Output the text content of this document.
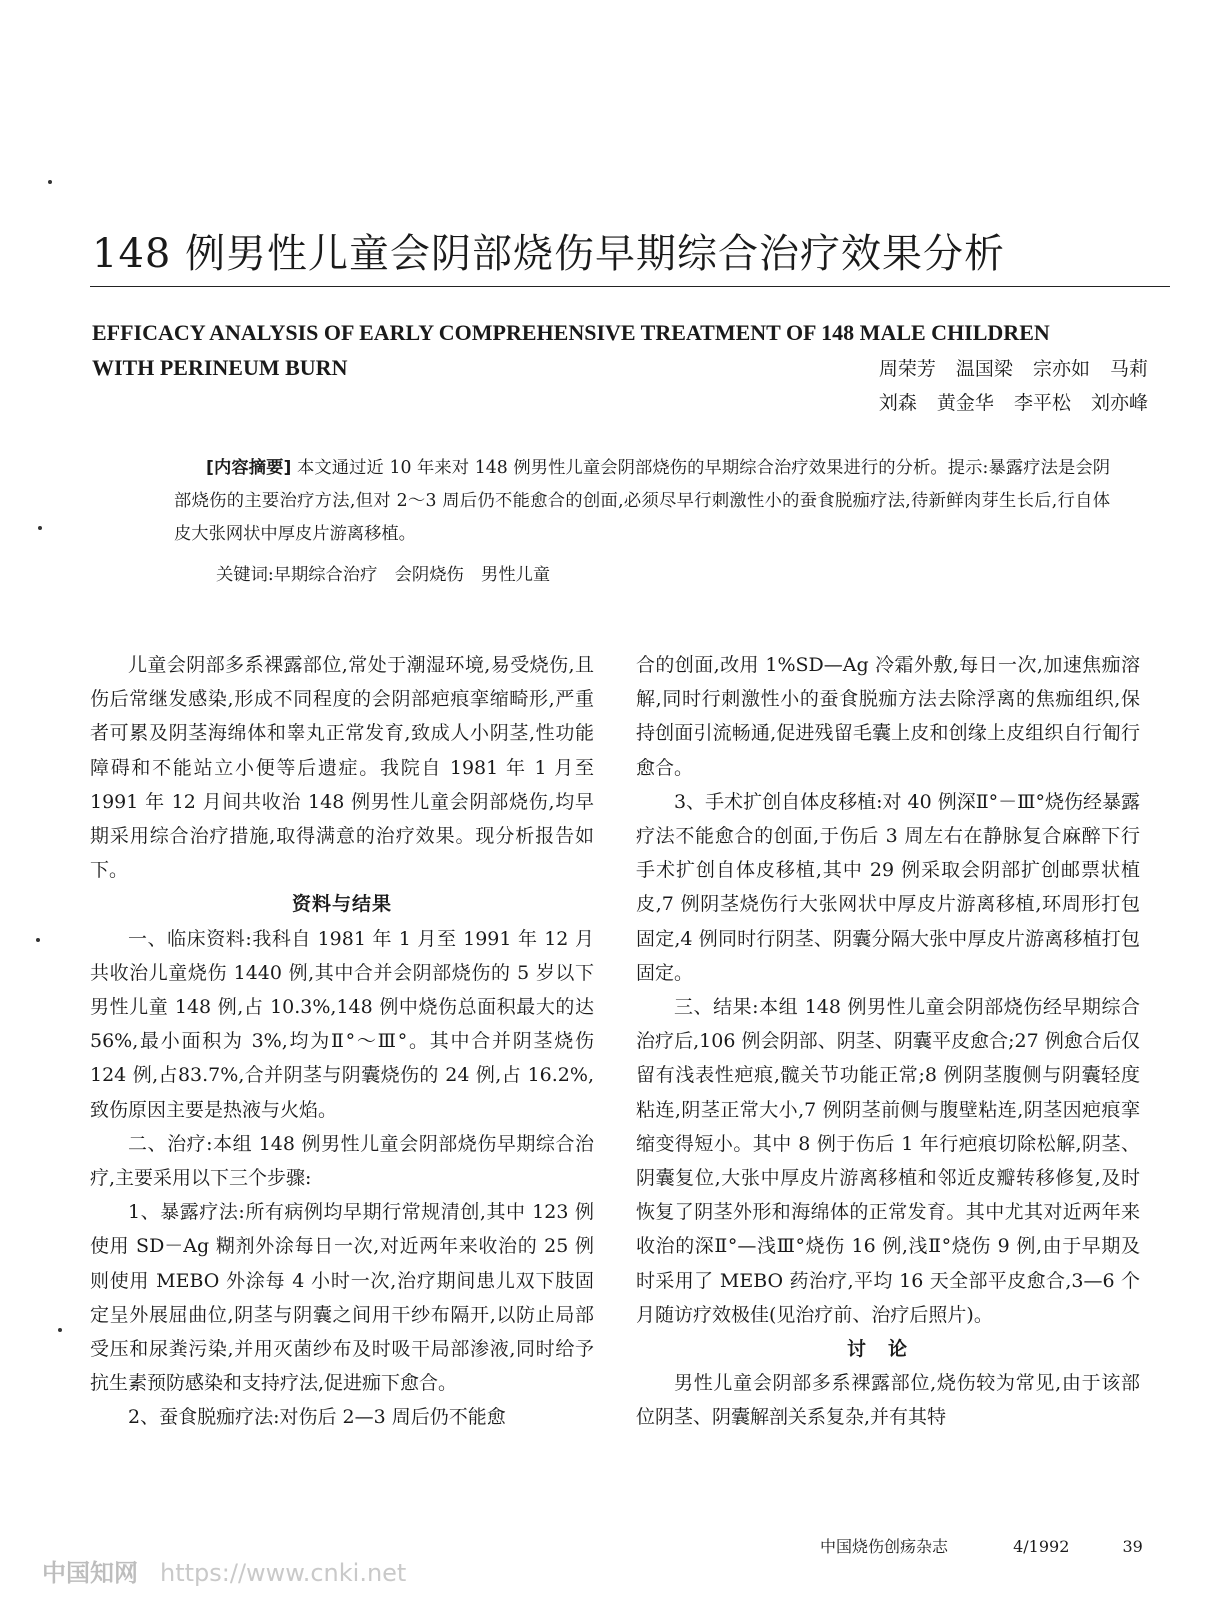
148 例男性儿童会阴部烧伤早期综合治疗效果分析
EFFICACY ANALYSIS OF EARLY COMPREHENSIVE TREATMENT OF 148 MALE CHILDREN
WITH PERINEUM BURN	周荣芳 温国梁 宗亦如 马莉
刘森 黄金华 李平松 刘亦峰

[内容摘要] 本文通过近 10 年来对 148 例男性儿童会阴部烧伤的早期综合治疗效果进行的分析。提示:暴露疗法是会阴部烧伤的主要治疗方法,但对 2～3 周后仍不能愈合的创面,必须尽早行刺激性小的蚕食脱痂疗法,待新鲜肉芽生长后,行自体皮大张网状中厚皮片游离移植。

关键词:早期综合治疗　会阴烧伤　男性儿童

儿童会阴部多系裸露部位,常处于潮湿环境,易受烧伤,且伤后常继发感染,形成不同程度的会阴部疤痕挛缩畸形,严重者可累及阴茎海绵体和睾丸正常发育,致成人小阴茎,性功能障碍和不能站立小便等后遗症。我院自 1981 年 1 月至 1991 年 12 月间共收治 148 例男性儿童会阴部烧伤,均早期采用综合治疗措施,取得满意的治疗效果。现分析报告如下。

资料与结果

一、临床资料:我科自 1981 年 1 月至 1991 年 12 月共收治儿童烧伤 1440 例,其中合并会阴部烧伤的 5 岁以下男性儿童 148 例,占 10.3%,148 例中烧伤总面积最大的达 56%,最小面积为 3%,均为Ⅱ°～Ⅲ°。其中合并阴茎烧伤 124 例,占83.7%,合并阴茎与阴囊烧伤的 24 例,占 16.2%,致伤原因主要是热液与火焰。

二、治疗:本组 148 例男性儿童会阴部烧伤早期综合治疗,主要采用以下三个步骤:

1、暴露疗法:所有病例均早期行常规清创,其中 123 例使用 SD－Ag 糊剂外涂每日一次,对近两年来收治的 25 例则使用 MEBO 外涂每 4 小时一次,治疗期间患儿双下肢固定呈外展屈曲位,阴茎与阴囊之间用干纱布隔开,以防止局部受压和尿粪污染,并用灭菌纱布及时吸干局部渗液,同时给予抗生素预防感染和支持疗法,促进痂下愈合。

2、蚕食脱痂疗法:对伤后 2—3 周后仍不能愈

合的创面,改用 1%SD—Ag 冷霜外敷,每日一次,加速焦痂溶解,同时行刺激性小的蚕食脱痂方法去除浮离的焦痂组织,保持创面引流畅通,促进残留毛囊上皮和创缘上皮组织自行匍行愈合。

3、手术扩创自体皮移植:对 40 例深Ⅱ°－Ⅲ°烧伤经暴露疗法不能愈合的创面,于伤后 3 周左右在静脉复合麻醉下行手术扩创自体皮移植,其中 29 例采取会阴部扩创邮票状植皮,7 例阴茎烧伤行大张网状中厚皮片游离移植,环周形打包固定,4 例同时行阴茎、阴囊分隔大张中厚皮片游离移植打包固定。

三、结果:本组 148 例男性儿童会阴部烧伤经早期综合治疗后,106 例会阴部、阴茎、阴囊平皮愈合;27 例愈合后仅留有浅表性疤痕,髋关节功能正常;8 例阴茎腹侧与阴囊轻度粘连,阴茎正常大小,7 例阴茎前侧与腹壁粘连,阴茎因疤痕挛缩变得短小。其中 8 例于伤后 1 年行疤痕切除松解,阴茎、阴囊复位,大张中厚皮片游离移植和邻近皮瓣转移修复,及时恢复了阴茎外形和海绵体的正常发育。其中尤其对近两年来收治的深Ⅱ°—浅Ⅲ°烧伤 16 例,浅Ⅱ°烧伤 9 例,由于早期及时采用了 MEBO 药治疗,平均 16 天全部平皮愈合,3—6 个月随访疗效极佳(见治疗前、治疗后照片)。

讨论

男性儿童会阴部多系裸露部位,烧伤较为常见,由于该部位阴茎、阴囊解剖关系复杂,并有其特

中国烧伤创疡杂志	4/1992	39
中国知网 https://www.cnki.net
